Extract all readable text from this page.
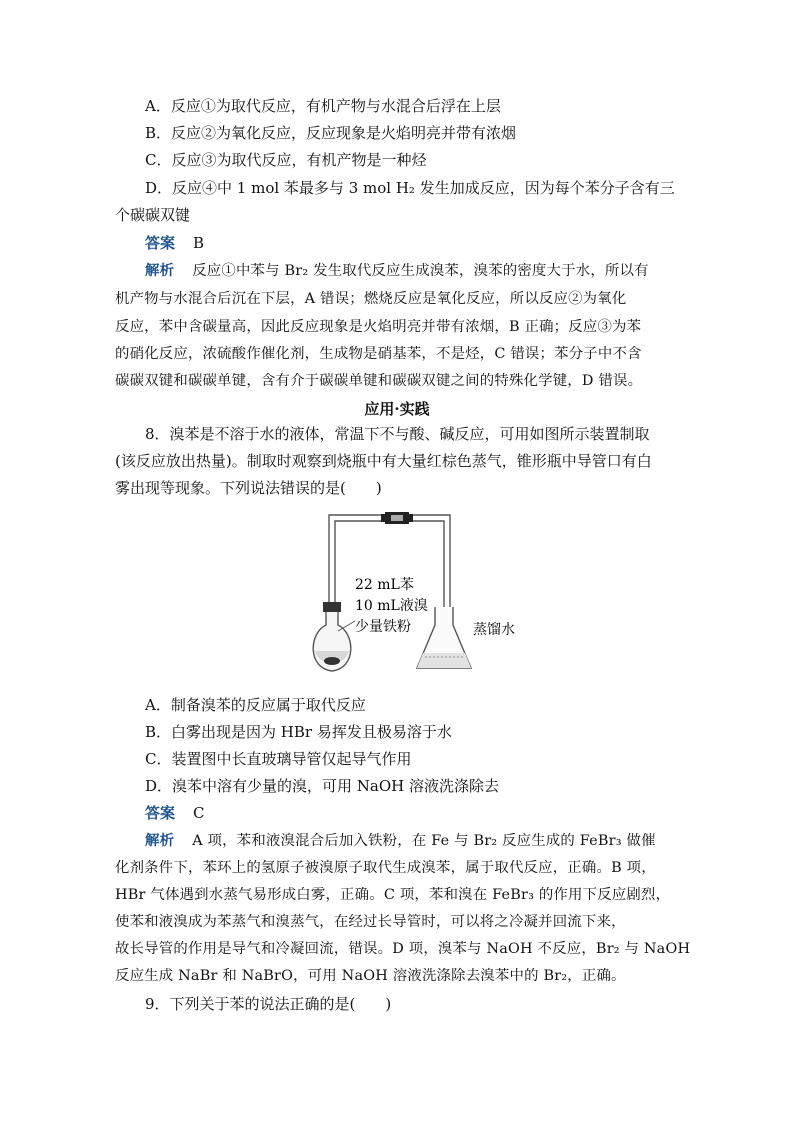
A．反应①为取代反应，有机产物与水混合后浮在上层
B．反应②为氧化反应，反应现象是火焰明亮并带有浓烟
C．反应③为取代反应，有机产物是一种烃
D．反应④中 1 mol 苯最多与 3 mol H₂ 发生加成反应，因为每个苯分子含有三
个碳碳双键
答案 B
解析 反应①中苯与 Br₂ 发生取代反应生成溴苯，溴苯的密度大于水，所以有
机产物与水混合后沉在下层，A 错误；燃烧反应是氧化反应，所以反应②为氧化
反应，苯中含碳量高，因此反应现象是火焰明亮并带有浓烟，B 正确；反应③为苯
的硝化反应，浓硫酸作催化剂，生成物是硝基苯，不是烃，C 错误；苯分子中不含
碳碳双键和碳碳单键，含有介于碳碳单键和碳碳双键之间的特殊化学键，D 错误。
应用·实践
8．溴苯是不溶于水的液体，常温下不与酸、碱反应，可用如图所示装置制取
(该反应放出热量)。制取时观察到烧瓶中有大量红棕色蒸气，锥形瓶中导管口有白
雾出现等现象。下列说法错误的是(　　)
22 mL苯
10 mL液溴
少量铁粉	蒸馏水
A．制备溴苯的反应属于取代反应
B．白雾出现是因为 HBr 易挥发且极易溶于水
C．装置图中长直玻璃导管仅起导气作用
D．溴苯中溶有少量的溴，可用 NaOH 溶液洗涤除去
答案 C
解析 A 项，苯和液溴混合后加入铁粉，在 Fe 与 Br₂ 反应生成的 FeBr₃ 做催
化剂条件下，苯环上的氢原子被溴原子取代生成溴苯，属于取代反应，正确。B 项，
HBr 气体遇到水蒸气易形成白雾，正确。C 项，苯和溴在 FeBr₃ 的作用下反应剧烈，
使苯和液溴成为苯蒸气和溴蒸气，在经过长导管时，可以将之冷凝并回流下来，
故长导管的作用是导气和冷凝回流，错误。D 项，溴苯与 NaOH 不反应，Br₂ 与 NaOH
反应生成 NaBr 和 NaBrO，可用 NaOH 溶液洗涤除去溴苯中的 Br₂，正确。
9．下列关于苯的说法正确的是(　　)
